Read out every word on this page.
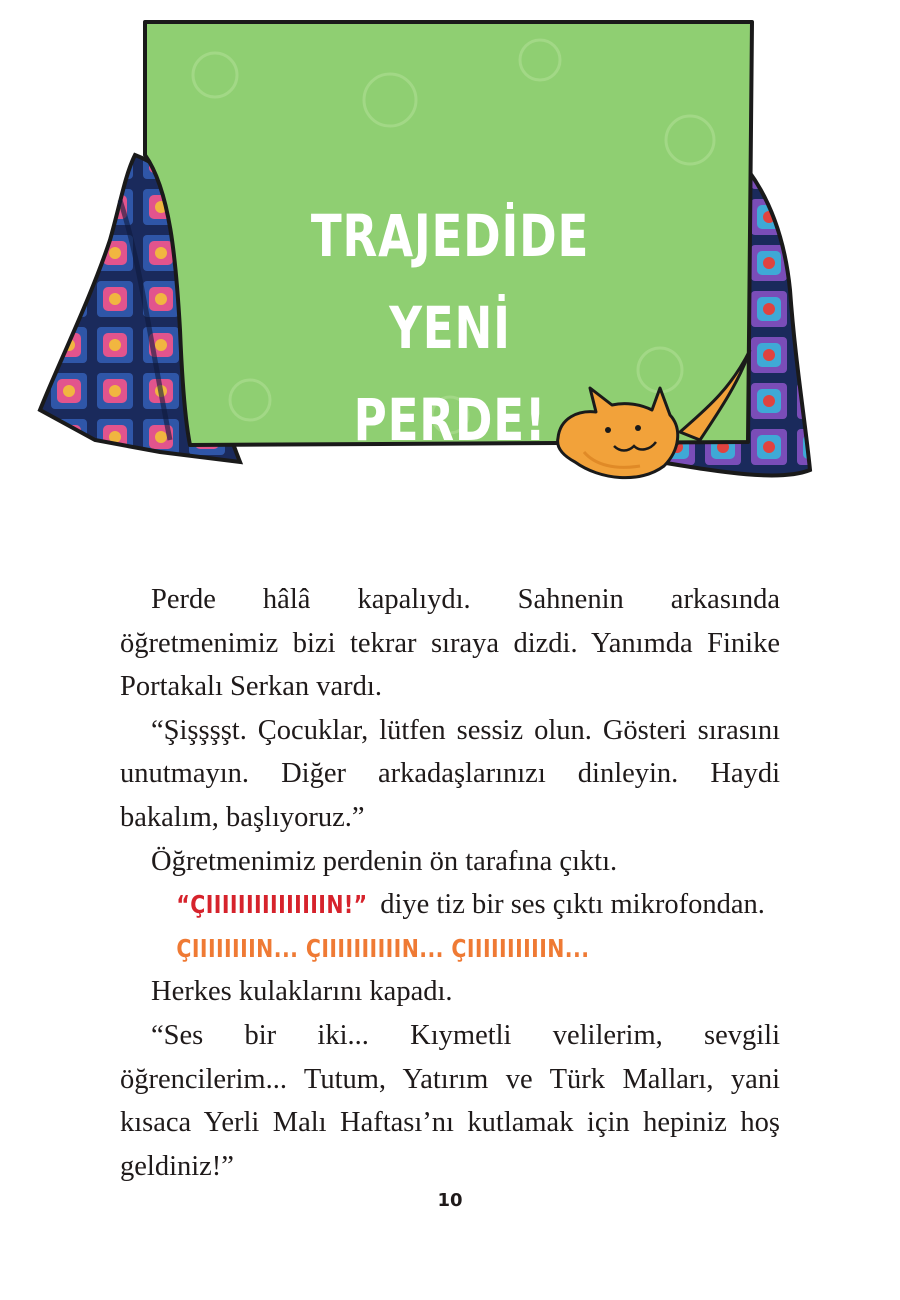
TRAJEDİDE YENİ
PERDE!

Perde hâlâ kapalıydı. Sahnenin arkasında öğretmenimiz bizi tekrar sıraya dizdi. Yanımda Finike Portakalı Serkan vardı.

“Şişşşşt. Çocuklar, lütfen sessiz olun. Gösteri sırasını unutmayın. Diğer arkadaşlarınızı dinleyin. Haydi bakalım, başlıyoruz.”

Öğretmenimiz perdenin ön tarafına çıktı.

“ÇIIIIIIIIIIIIIIIN!” diye tiz bir ses çıktı mikrofondan.

ÇIIIIIIIIN... ÇIIIIIIIIIIN... ÇIIIIIIIIIIN...

Herkes kulaklarını kapadı.

“Ses bir iki... Kıymetli velilerim, sevgili öğrencilerim... Tutum, Yatırım ve Türk Malları, yani kısaca Yerli Malı Haftası’nı kutlamak için hepiniz hoş geldiniz!”

10
